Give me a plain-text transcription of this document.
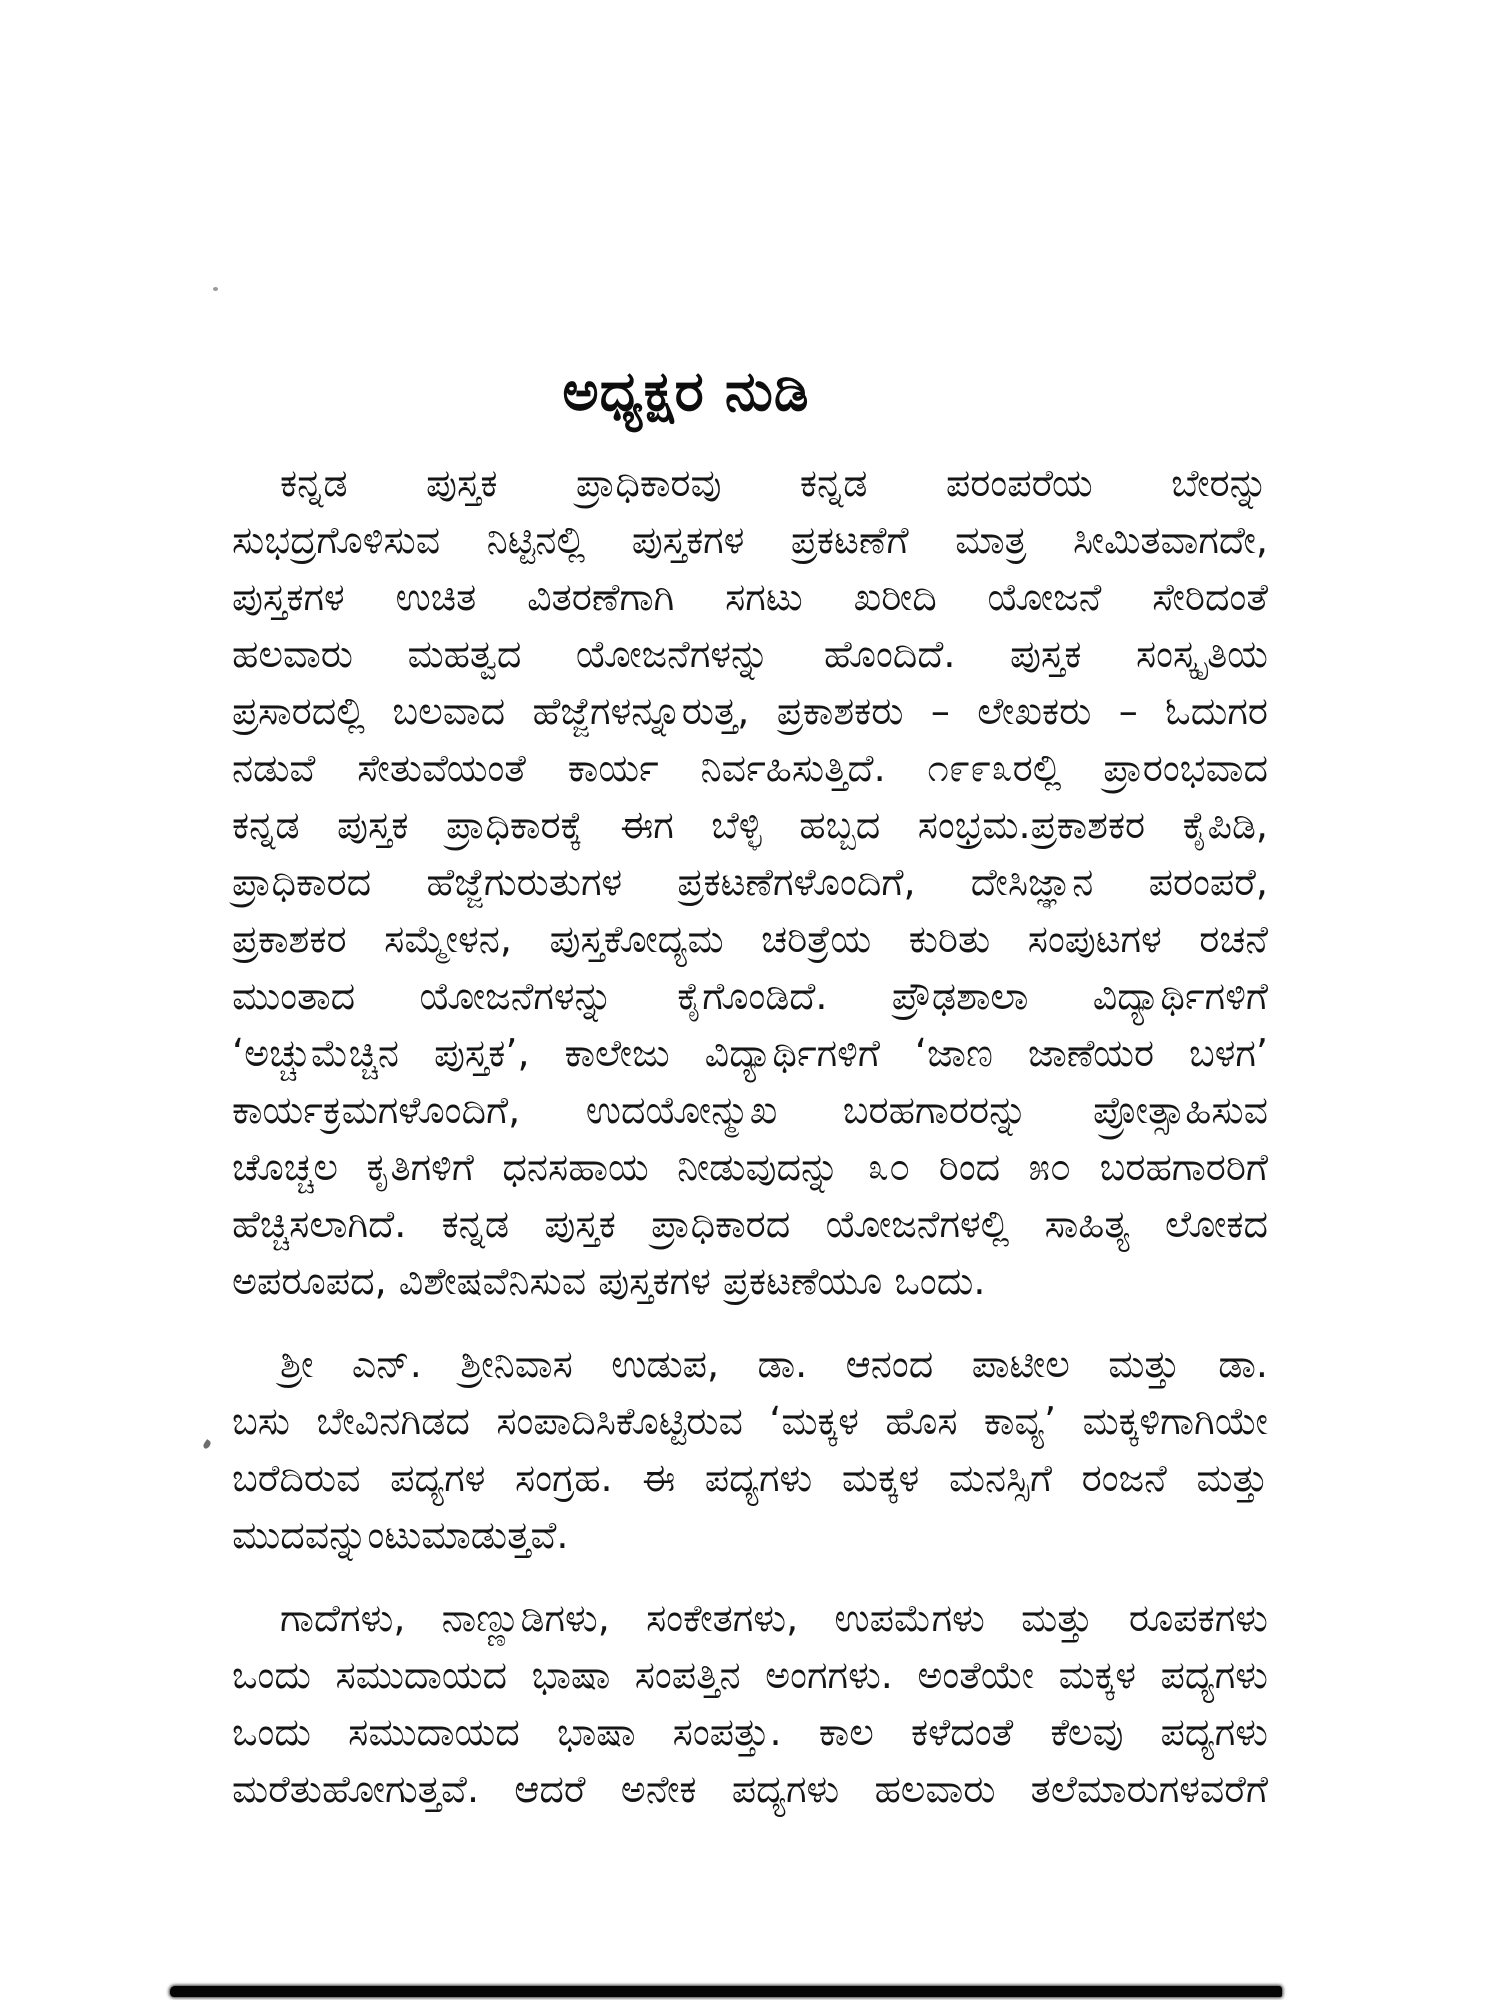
ಅಧ್ಯಕ್ಷರ ನುಡಿ
ಕನ್ನಡ ಪುಸ್ತಕ ಪ್ರಾಧಿಕಾರವು ಕನ್ನಡ ಪರಂಪರೆಯ ಬೇರನ್ನು
ಸುಭದ್ರಗೊಳಿಸುವ ನಿಟ್ಟಿನಲ್ಲಿ ಪುಸ್ತಕಗಳ ಪ್ರಕಟಣೆಗೆ ಮಾತ್ರ ಸೀಮಿತವಾಗದೇ,
ಪುಸ್ತಕಗಳ ಉಚಿತ ವಿತರಣೆಗಾಗಿ ಸಗಟು ಖರೀದಿ ಯೋಜನೆ ಸೇರಿದಂತೆ
ಹಲವಾರು ಮಹತ್ವದ ಯೋಜನೆಗಳನ್ನು ಹೊಂದಿದೆ. ಪುಸ್ತಕ ಸಂಸ್ಕೃತಿಯ
ಪ್ರಸಾರದಲ್ಲಿ ಬಲವಾದ ಹೆಜ್ಜೆಗಳನ್ನೂರುತ್ತ, ಪ್ರಕಾಶಕರು – ಲೇಖಕರು – ಓದುಗರ
ನಡುವೆ ಸೇತುವೆಯಂತೆ ಕಾರ್ಯ ನಿರ್ವಹಿಸುತ್ತಿದೆ. ೧೯೯೩ರಲ್ಲಿ ಪ್ರಾರಂಭವಾದ
ಕನ್ನಡ ಪುಸ್ತಕ ಪ್ರಾಧಿಕಾರಕ್ಕೆ ಈಗ ಬೆಳ್ಳಿ ಹಬ್ಬದ ಸಂಭ್ರಮ.ಪ್ರಕಾಶಕರ ಕೈಪಿಡಿ,
ಪ್ರಾಧಿಕಾರದ ಹೆಜ್ಜೆಗುರುತುಗಳ ಪ್ರಕಟಣೆಗಳೊಂದಿಗೆ, ದೇಸಿಜ್ಞಾನ ಪರಂಪರೆ,
ಪ್ರಕಾಶಕರ ಸಮ್ಮೇಳನ, ಪುಸ್ತಕೋದ್ಯಮ ಚರಿತ್ರೆಯ ಕುರಿತು ಸಂಪುಟಗಳ ರಚನೆ
ಮುಂತಾದ ಯೋಜನೆಗಳನ್ನು ಕೈಗೊಂಡಿದೆ. ಪ್ರೌಢಶಾಲಾ ವಿದ್ಯಾರ್ಥಿಗಳಿಗೆ
‘ಅಚ್ಚುಮೆಚ್ಚಿನ ಪುಸ್ತಕ’, ಕಾಲೇಜು ವಿದ್ಯಾರ್ಥಿಗಳಿಗೆ ‘ಜಾಣ ಜಾಣೆಯರ ಬಳಗ’
ಕಾರ್ಯಕ್ರಮಗಳೊಂದಿಗೆ, ಉದಯೋನ್ಮುಖ ಬರಹಗಾರರನ್ನು ಪ್ರೋತ್ಸಾಹಿಸುವ
ಚೊಚ್ಚಲ ಕೃತಿಗಳಿಗೆ ಧನಸಹಾಯ ನೀಡುವುದನ್ನು ೩೦ ರಿಂದ ೫೦ ಬರಹಗಾರರಿಗೆ
ಹೆಚ್ಚಿಸಲಾಗಿದೆ. ಕನ್ನಡ ಪುಸ್ತಕ ಪ್ರಾಧಿಕಾರದ ಯೋಜನೆಗಳಲ್ಲಿ ಸಾಹಿತ್ಯ ಲೋಕದ
ಅಪರೂಪದ, ವಿಶೇಷವೆನಿಸುವ ಪುಸ್ತಕಗಳ ಪ್ರಕಟಣೆಯೂ ಒಂದು.
ಶ್ರೀ ಎನ್. ಶ್ರೀನಿವಾಸ ಉಡುಪ, ಡಾ. ಆನಂದ ಪಾಟೀಲ ಮತ್ತು ಡಾ.
ಬಸು ಬೇವಿನಗಿಡದ ಸಂಪಾದಿಸಿಕೊಟ್ಟಿರುವ ‘ಮಕ್ಕಳ ಹೊಸ ಕಾವ್ಯ’ ಮಕ್ಕಳಿಗಾಗಿಯೇ
ಬರೆದಿರುವ ಪದ್ಯಗಳ ಸಂಗ್ರಹ. ಈ ಪದ್ಯಗಳು ಮಕ್ಕಳ ಮನಸ್ಸಿಗೆ ರಂಜನೆ ಮತ್ತು
ಮುದವನ್ನುಂಟುಮಾಡುತ್ತವೆ.
ಗಾದೆಗಳು, ನಾಣ್ಣುಡಿಗಳು, ಸಂಕೇತಗಳು, ಉಪಮೆಗಳು ಮತ್ತು ರೂಪಕಗಳು
ಒಂದು ಸಮುದಾಯದ ಭಾಷಾ ಸಂಪತ್ತಿನ ಅಂಗಗಳು. ಅಂತೆಯೇ ಮಕ್ಕಳ ಪದ್ಯಗಳು
ಒಂದು ಸಮುದಾಯದ ಭಾಷಾ ಸಂಪತ್ತು. ಕಾಲ ಕಳೆದಂತೆ ಕೆಲವು ಪದ್ಯಗಳು
ಮರೆತುಹೋಗುತ್ತವೆ. ಆದರೆ ಅನೇಕ ಪದ್ಯಗಳು ಹಲವಾರು ತಲೆಮಾರುಗಳವರೆಗೆ
